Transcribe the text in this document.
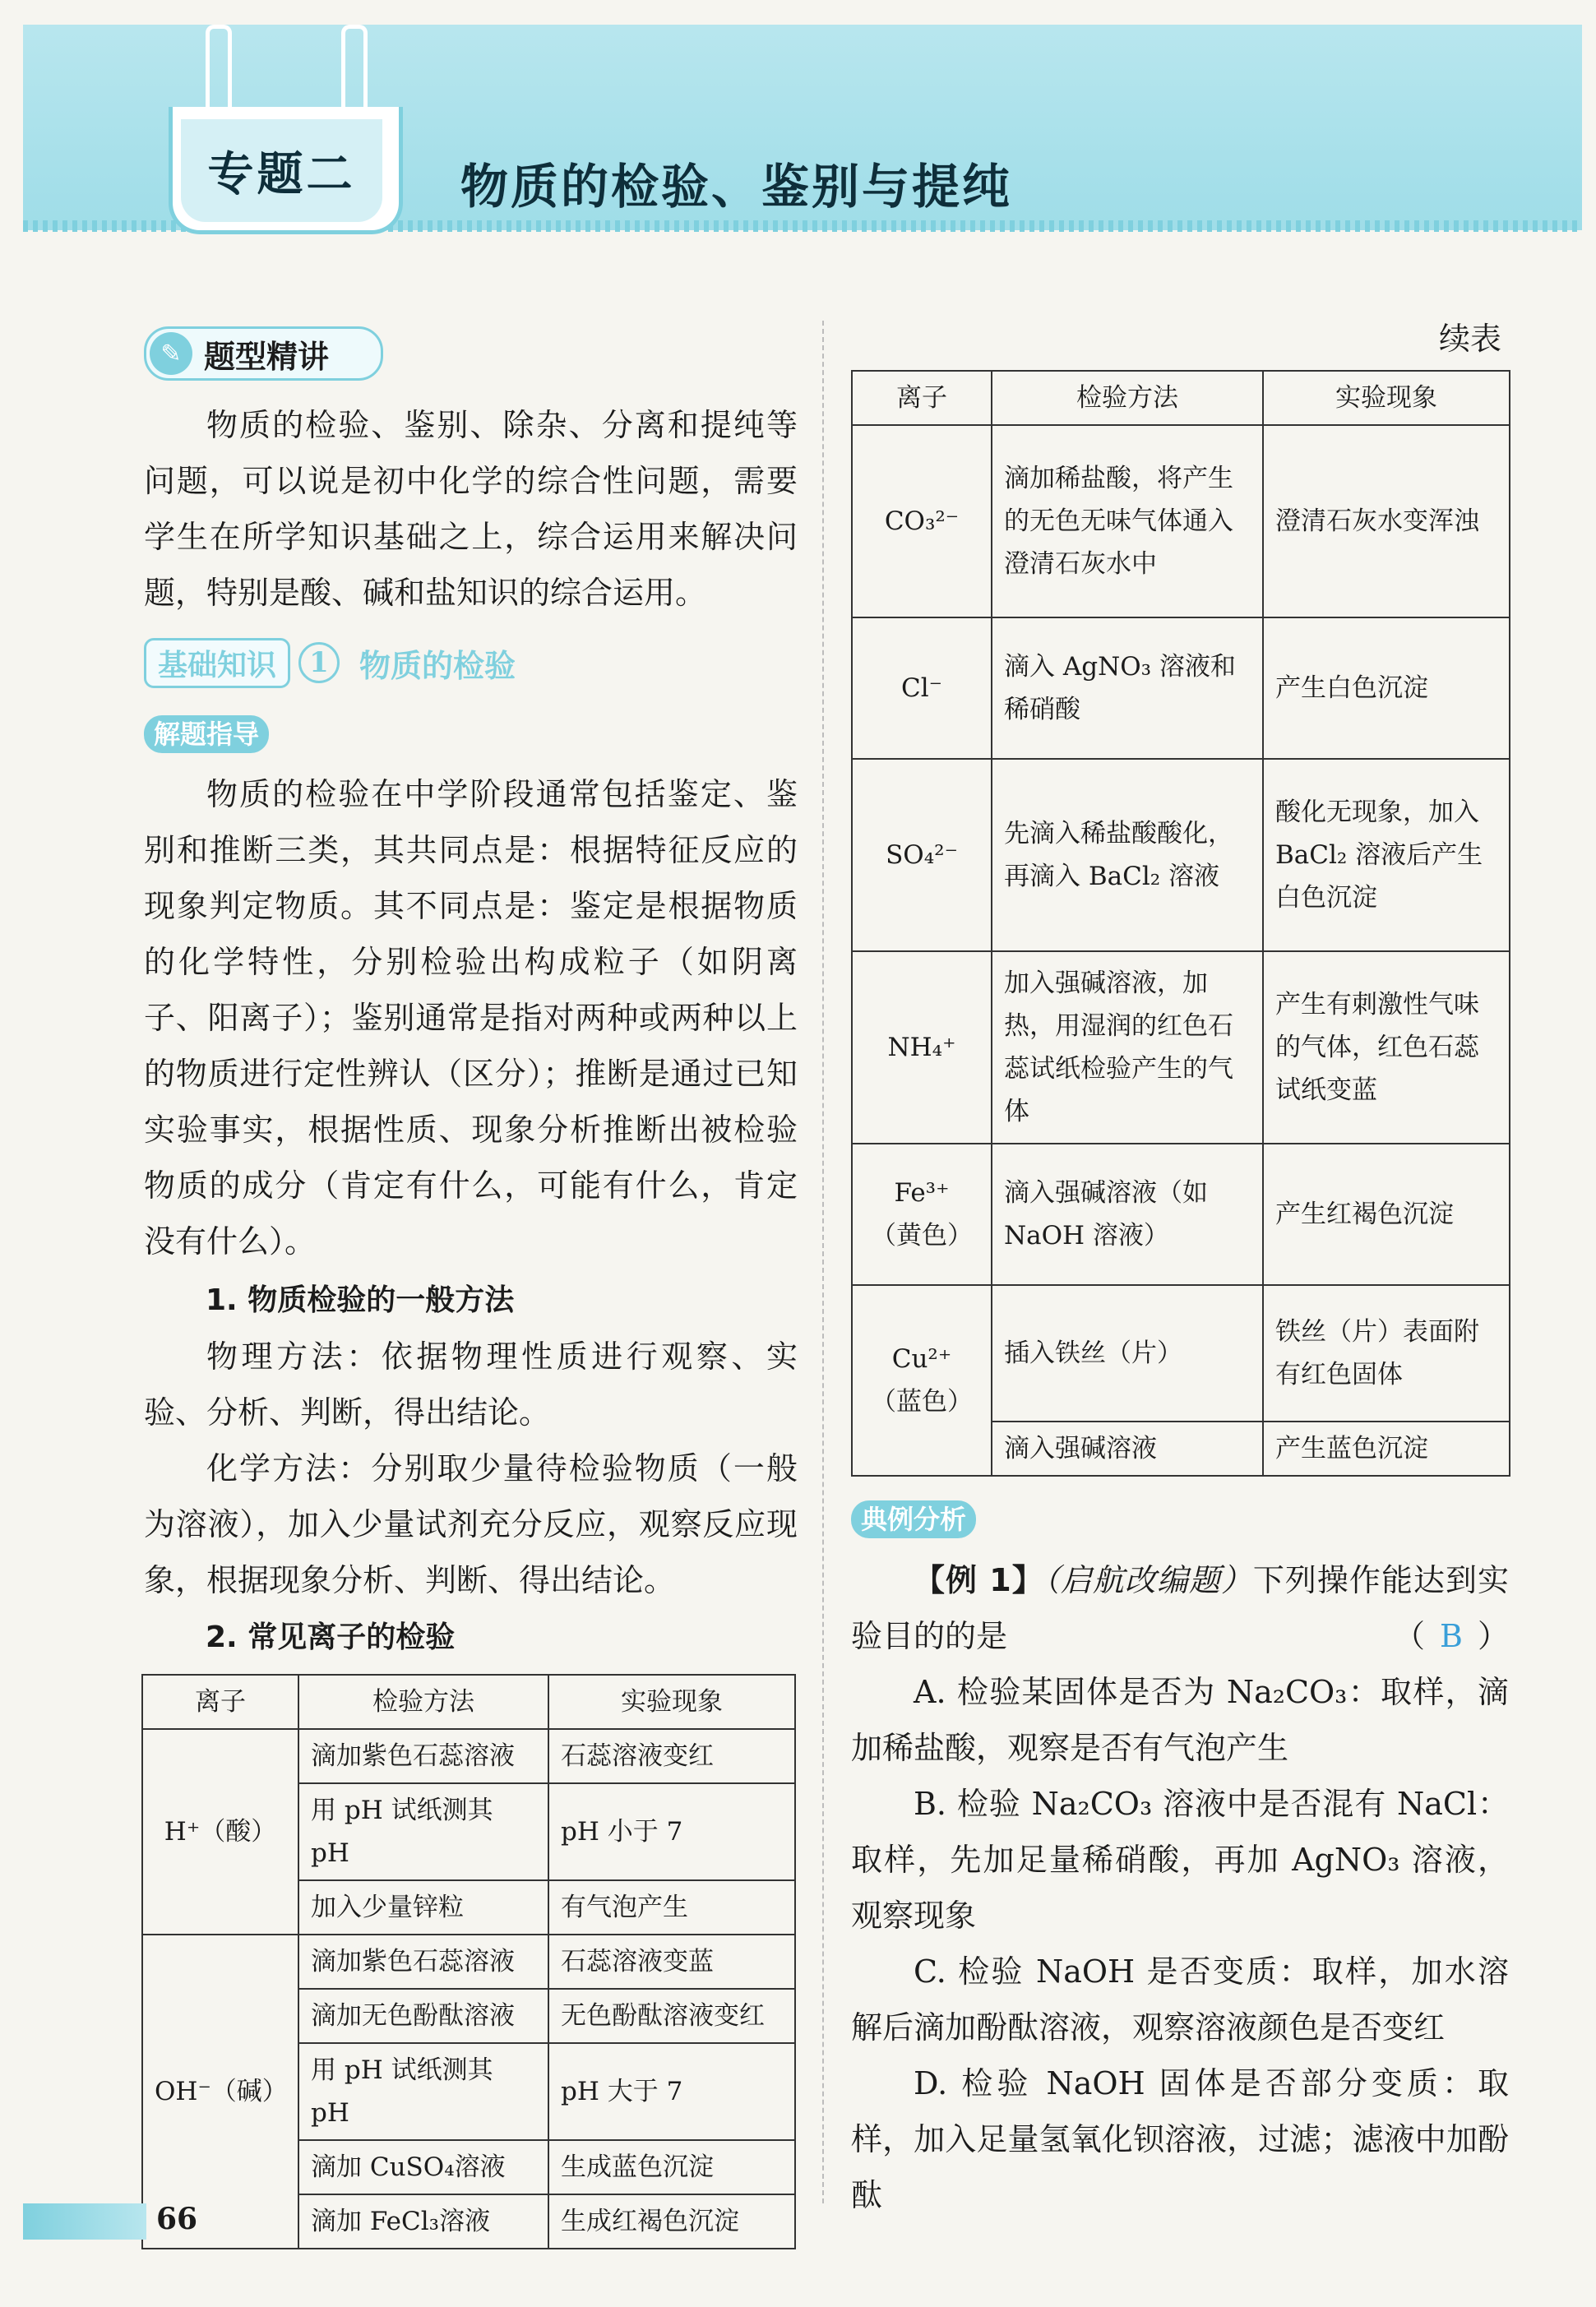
专题二	物质的检验、鉴别与提纯
✎ 题型精讲
物质的检验、鉴别、除杂、分离和提纯等问题，可以说是初中化学的综合性问题，需要学生在所学知识基础之上，综合运用来解决问题，特别是酸、碱和盐知识的综合运用。
基础知识	1 物质的检验
解题指导
物质的检验在中学阶段通常包括鉴定、鉴别和推断三类，其共同点是：根据特征反应的现象判定物质。其不同点是：鉴定是根据物质的化学特性，分别检验出构成粒子（如阴离子、阳离子）；鉴别通常是指对两种或两种以上的物质进行定性辨认（区分）；推断是通过已知实验事实，根据性质、现象分析推断出被检验物质的成分（肯定有什么，可能有什么，肯定没有什么）。
1. 物质检验的一般方法
物理方法：依据物理性质进行观察、实验、分析、判断，得出结论。
化学方法：分别取少量待检验物质（一般为溶液），加入少量试剂充分反应，观察反应现象，根据现象分析、判断、得出结论。
2. 常见离子的检验
离子	检验方法	实验现象
H⁺（酸）	滴加紫色石蕊溶液	石蕊溶液变红
	用 pH 试纸测其 pH	pH 小于 7
	加入少量锌粒	有气泡产生
OH⁻（碱）	滴加紫色石蕊溶液	石蕊溶液变蓝
	滴加无色酚酞溶液	无色酚酞溶液变红
	用 pH 试纸测其 pH	pH 大于 7
	滴加 CuSO₄溶液	生成蓝色沉淀
	滴加 FeCl₃溶液	生成红褐色沉淀
续表
离子	检验方法	实验现象
CO₃²⁻	滴加稀盐酸，将产生的无色无味气体通入澄清石灰水中	澄清石灰水变浑浊
Cl⁻	滴入 AgNO₃ 溶液和稀硝酸	产生白色沉淀
SO₄²⁻	先滴入稀盐酸酸化，再滴入 BaCl₂ 溶液	酸化无现象，加入 BaCl₂ 溶液后产生白色沉淀
NH₄⁺	加入强碱溶液，加热，用湿润的红色石蕊试纸检验产生的气体	产生有刺激性气味的气体，红色石蕊试纸变蓝
Fe³⁺
（黄色）	滴入强碱溶液（如 NaOH 溶液）	产生红褐色沉淀
Cu²⁺
（蓝色）	插入铁丝（片）	铁丝（片）表面附有红色固体
	滴入强碱溶液	产生蓝色沉淀
典例分析
【例 1】（启航改编题）下列操作能达到实验目的的是	（ B ）
A. 检验某固体是否为 Na₂CO₃：取样，滴加稀盐酸，观察是否有气泡产生
B. 检验 Na₂CO₃ 溶液中是否混有 NaCl：取样，先加足量稀硝酸，再加 AgNO₃ 溶液，观察现象
C. 检验 NaOH 是否变质：取样，加水溶解后滴加酚酞溶液，观察溶液颜色是否变红
D. 检验 NaOH 固体是否部分变质：取样，加入足量氢氧化钡溶液，过滤；滤液中加酚酞
66
